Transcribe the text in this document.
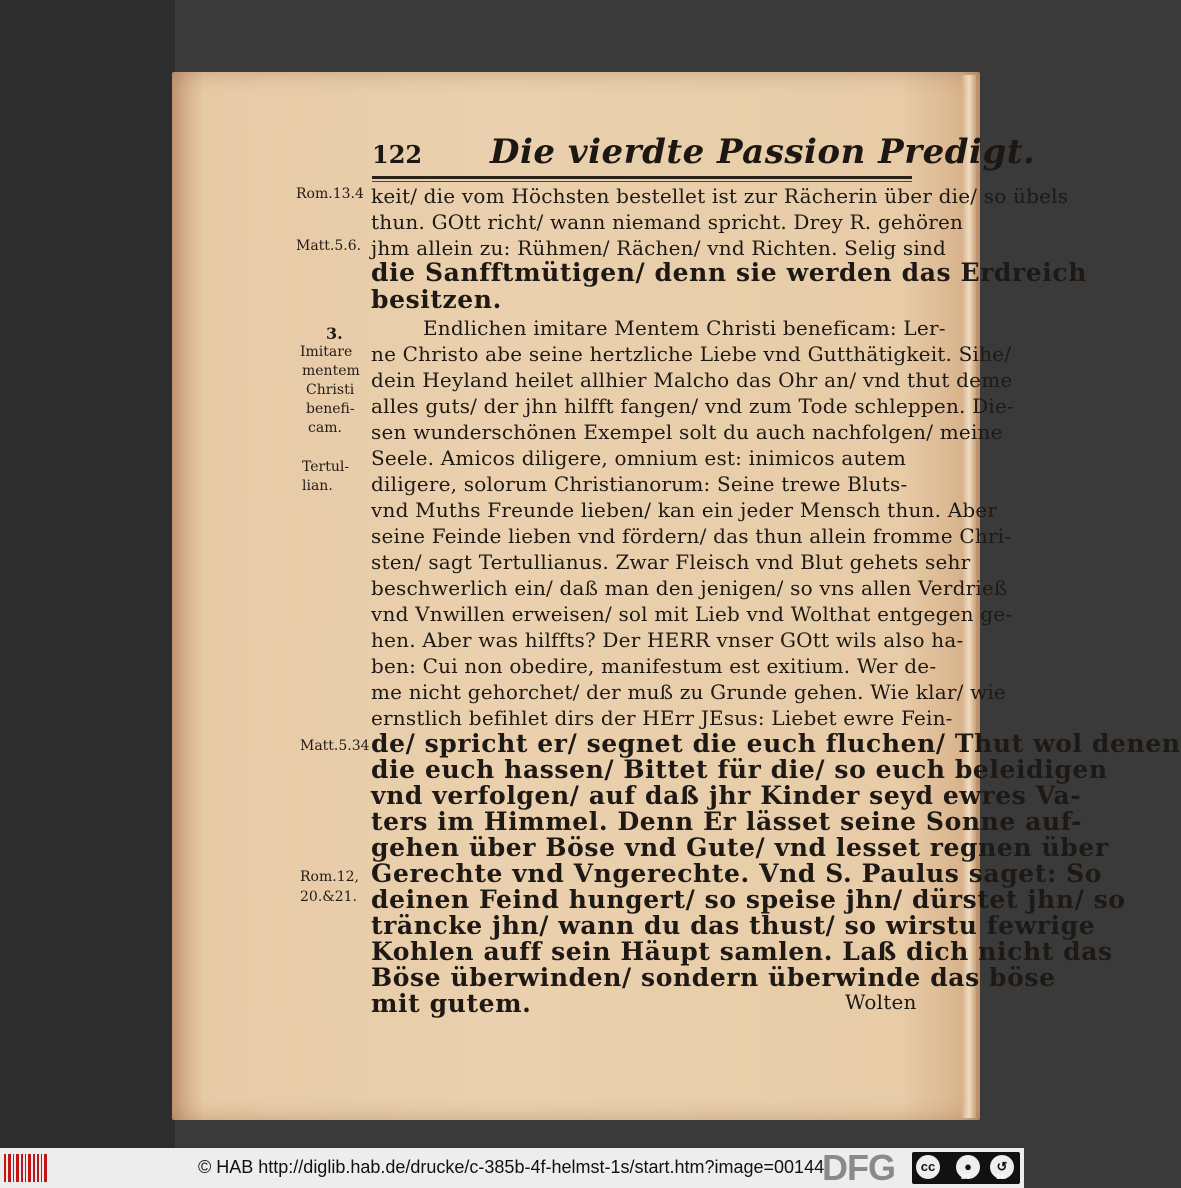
122 Die vierdte Passion Predigt.
Rom.13.4
Matt.5.6.
3.
Imitare
mentem
Christi
benefi-
cam.
Tertul-
lian.
Matt.5.34
Rom.12,
20.&21.
keit/ die vom Höchsten bestellet ist zur Rächerin über die/ so übels
thun. GOtt richt/ wann niemand spricht. Drey R. gehören
jhm allein zu: Rühmen/ Rächen/ vnd Richten. Selig sind
die Sanfftmütigen/ denn sie werden das Erdreich
besitzen.
Endlichen imitare Mentem Christi beneficam: Ler-
ne Christo abe seine hertzliche Liebe vnd Gutthätigkeit. Sihe/
dein Heyland heilet allhier Malcho das Ohr an/ vnd thut deme
alles guts/ der jhn hilfft fangen/ vnd zum Tode schleppen. Die-
sen wunderschönen Exempel solt du auch nachfolgen/ meine
Seele. Amicos diligere, omnium est: inimicos autem
diligere, solorum Christianorum: Seine trewe Bluts-
vnd Muths Freunde lieben/ kan ein jeder Mensch thun. Aber
seine Feinde lieben vnd fördern/ das thun allein fromme Chri-
sten/ sagt Tertullianus. Zwar Fleisch vnd Blut gehets sehr
beschwerlich ein/ daß man den jenigen/ so vns allen Verdrieß
vnd Vnwillen erweisen/ sol mit Lieb vnd Wolthat entgegen ge-
hen. Aber was hilffts? Der HERR vnser GOtt wils also ha-
ben: Cui non obedire, manifestum est exitium. Wer de-
me nicht gehorchet/ der muß zu Grunde gehen. Wie klar/ wie
ernstlich befihlet dirs der HErr JEsus: Liebet ewre Fein-
de/ spricht er/ segnet die euch fluchen/ Thut wol denen
die euch hassen/ Bittet für die/ so euch beleidigen
vnd verfolgen/ auf daß jhr Kinder seyd ewres Va-
ters im Himmel. Denn Er lässet seine Sonne auf-
gehen über Böse vnd Gute/ vnd lesset regnen über
Gerechte vnd Vngerechte. Vnd S. Paulus saget: So
deinen Feind hungert/ so speise jhn/ dürstet jhn/ so
träncke jhn/ wann du das thust/ so wirstu fewrige
Kohlen auff sein Häupt samlen. Laß dich nicht das
Böse überwinden/ sondern überwinde das böse
mit gutem.	Wolten
© HAB http://diglib.hab.de/drucke/c-385b-4f-helmst-1s/start.htm?image=00144
DFG	cc	●	↺
BY	SA
